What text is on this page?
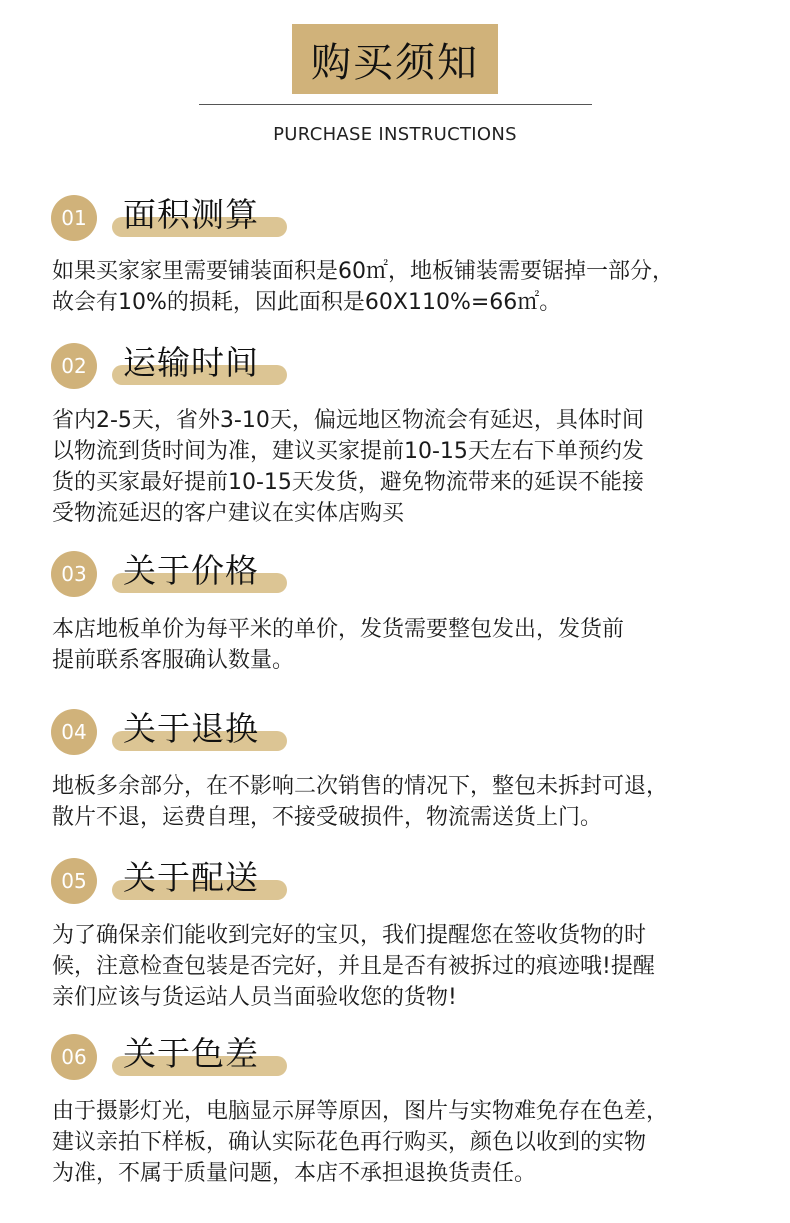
购买须知
PURCHASE INSTRUCTIONS
01	面积测算
如果买家家里需要铺装面积是60㎡，地板铺装需要锯掉一部分，
故会有10%的损耗，因此面积是60X110%=66㎡。
02	运输时间
省内2-5天，省外3-10天，偏远地区物流会有延迟，具体时间
以物流到货时间为准，建议买家提前10-15天左右下单预约发
货的买家最好提前10-15天发货，避免物流带来的延误不能接
受物流延迟的客户建议在实体店购买
03	关于价格
本店地板单价为每平米的单价，发货需要整包发出，发货前
提前联系客服确认数量。
04	关于退换
地板多余部分，在不影响二次销售的情况下，整包未拆封可退，
散片不退，运费自理，不接受破损件，物流需送货上门。
05	关于配送
为了确保亲们能收到完好的宝贝，我们提醒您在签收货物的时
候，注意检查包装是否完好，并且是否有被拆过的痕迹哦!提醒
亲们应该与货运站人员当面验收您的货物!
06	关于色差
由于摄影灯光，电脑显示屏等原因，图片与实物难免存在色差，
建议亲拍下样板，确认实际花色再行购买，颜色以收到的实物
为准，不属于质量问题，本店不承担退换货责任。
